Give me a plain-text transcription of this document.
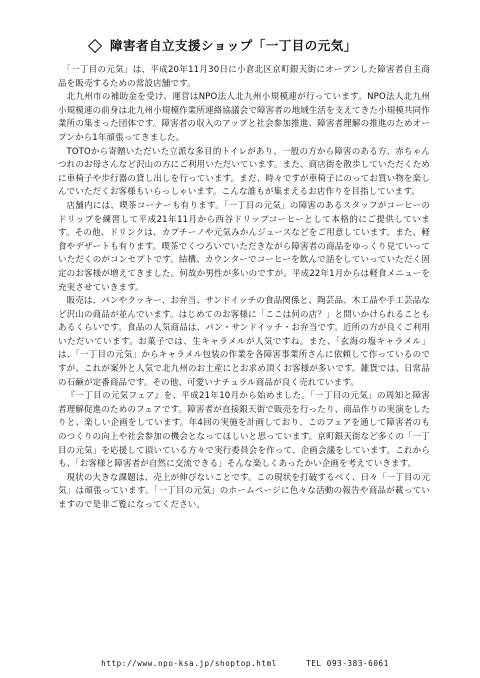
障害者自立支援ショップ「一丁目の元気」

「一丁目の元気」は、平成20年11月30日に小倉北区京町銀天街にオープンした障害者自主商品を販売するための常設店舗です。

北九州市の補助金を受け、運営はNPO法人北九州小規模連が行っています。NPO法人北九州小規模連の前身は北九州小規模作業所連絡協議会で障害者の地域生活を支えてきた小規模共同作業所の集まった団体です。障害者の収入のアップと社会参加推進、障害者理解の推進のためオープンから1年頑張ってきました。

TOTOから寄贈いただいた立派な多目的トイレがあり、一般の方から障害のある方、赤ちゃんつれのお母さんなど沢山の方にご利用いただいています。また、商店街を散歩していただくために車椅子や歩行器の貸し出しを行っています。まだ、時々ですが車椅子にのってお買い物を楽しんでいただくお客様もいらっしゃいます。こんな誰もが集まえるお店作りを目指しています。

店舗内には、喫茶コーナーも有ります。「一丁目の元気」の障害のあるスタッフがコーヒーのドリップを練習して平成21年11月から西谷ドリップコーヒーとして本格的にご提供しています。その他、ドリンクは、カプチーノや元気みかんジュースなどをご用意しています。また、軽食やデザートも有ります。喫茶でくつろいでいただきながら障害者の商品をゆっくり見ていっていただくのがコンセプトです。結構、カウンターでコーヒーを飲んで話をしていっていただく固定のお客様が増えてきました。何故か男性が多いのですが。平成22年1月からは軽食メニューを充実させていきます。

販売は、パンやクッキー、お弁当、サンドイッチの食品関係と、陶芸品、木工品や手工芸品など沢山の商品が並んでいます。はじめてのお客様に「ここは何の店？」と問いかけられることもあるくらいです。食品の人気商品は、パン・サンドイッチ・お弁当です。近所の方が良くご利用いただいています。お菓子では、生キャラメルが人気ですね。また、「玄海の塩キャラメル」は、「一丁目の元気」からキャラメル包装の作業を各障害事業所さんに依頼して作っているのですが、これが案外と人気で北九州のお土産にとお求め頂くお客様が多いです。雑貨では、日常品の石鹸が定番商品です。その他、可愛いナチュラル商品が良く売れています。

『一丁目の元気フェア』を、平成21年10月から始めました。「一丁目の元気」の周知と障害者理解促進のためのフェアです。障害者が直接銀天街で販売を行ったり、商品作りの実演をしたりと、楽しい企画をしています。年4回の実施を計画しており、このフェアを通して障害者のものつくりの向上や社会参加の機会となってほしいと思っています。京町銀天街など多くの「一丁目の元気」を応援して頂いている方々で実行委員会を作って、企画会議をしています。これからも、「お客様と障害者が自然に交流できる」そんな楽しくあったかい企画を考えていきます。

現状の大きな課題は、売上が伸びないことです。この現状を打破するべく、日々「一丁目の元気」は頑張っています。「一丁目の元気」のホームページに色々な活動の報告や商品が載っていますので是非ご覧になってください。

http://www.npo-ksa.jp/shoptop.html	TEL 093-383-6061
